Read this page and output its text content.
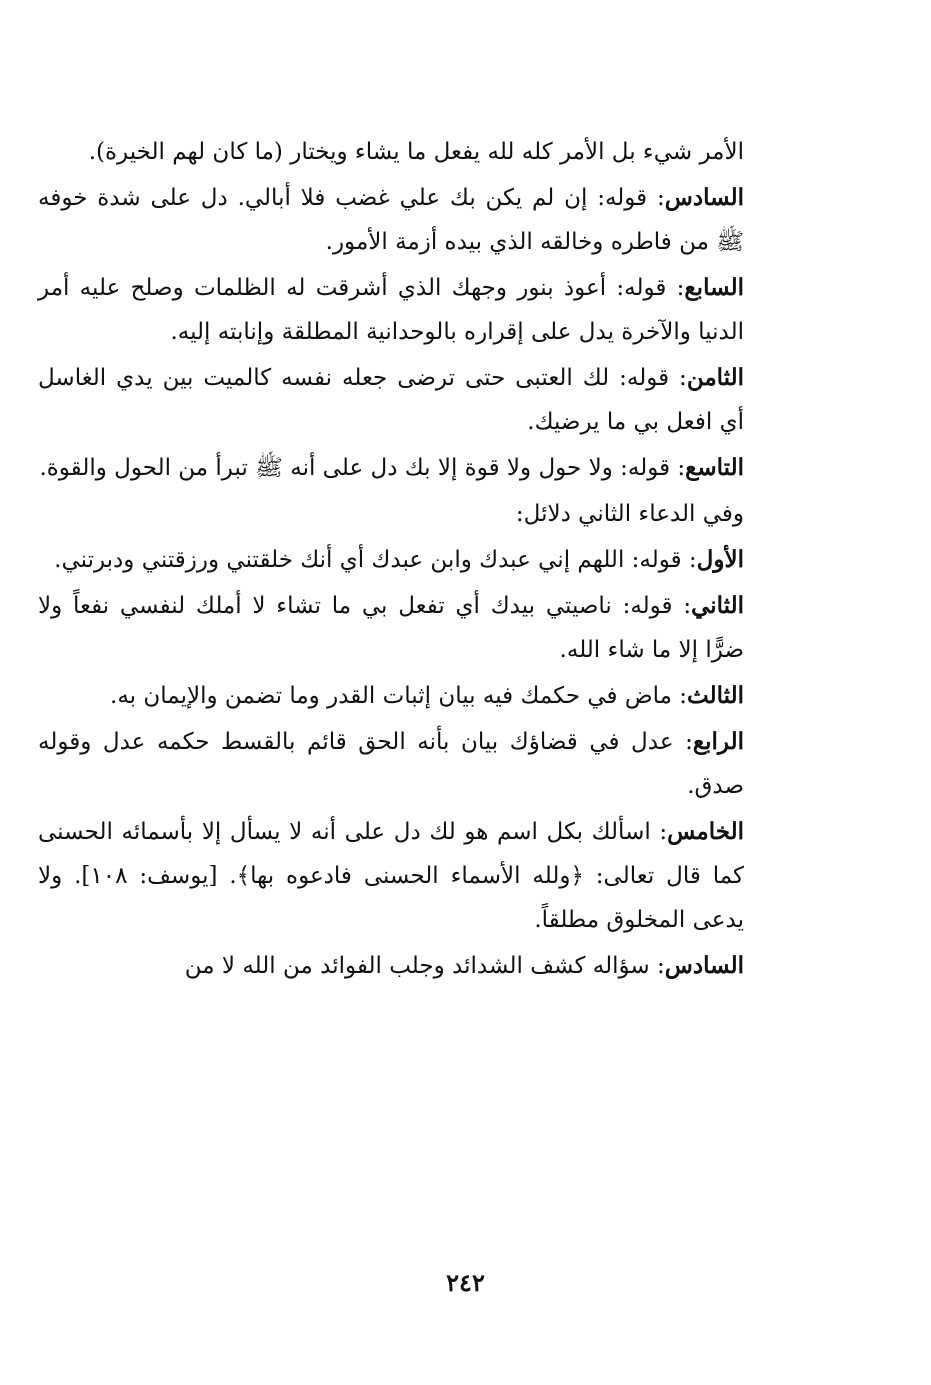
الأمر شيء بل الأمر كله لله يفعل ما يشاء ويختار (ما كان لهم الخيرة).

السادس: قوله: إن لم يكن بك علي غضب فلا أبالي. دل على شدة خوفه ﷺ من فاطره وخالقه الذي بيده أزمة الأمور.

السابع: قوله: أعوذ بنور وجهك الذي أشرقت له الظلمات وصلح عليه أمر الدنيا والآخرة يدل على إقراره بالوحدانية المطلقة وإنابته إليه.

الثامن: قوله: لك العتبى حتى ترضى جعله نفسه كالميت بين يدي الغاسل أي افعل بي ما يرضيك.

التاسع: قوله: ولا حول ولا قوة إلا بك دل على أنه ﷺ تبرأ من الحول والقوة.

وفي الدعاء الثاني دلائل:

الأول: قوله: اللهم إني عبدك وابن عبدك أي أنك خلقتني ورزقتني ودبرتني.

الثاني: قوله: ناصيتي بيدك أي تفعل بي ما تشاء لا أملك لنفسي نفعاً ولا ضرًّا إلا ما شاء الله.

الثالث: ماض في حكمك فيه بيان إثبات القدر وما تضمن والإيمان به.

الرابع: عدل في قضاؤك بيان بأنه الحق قائم بالقسط حكمه عدل وقوله صدق.

الخامس: اسألك بكل اسم هو لك دل على أنه لا يسأل إلا بأسمائه الحسنى كما قال تعالى: ﴿ولله الأسماء الحسنى فادعوه بها﴾. [يوسف: ١٠٨]. ولا يدعى المخلوق مطلقاً.

السادس: سؤاله كشف الشدائد وجلب الفوائد من الله لا من

٢٤٢
